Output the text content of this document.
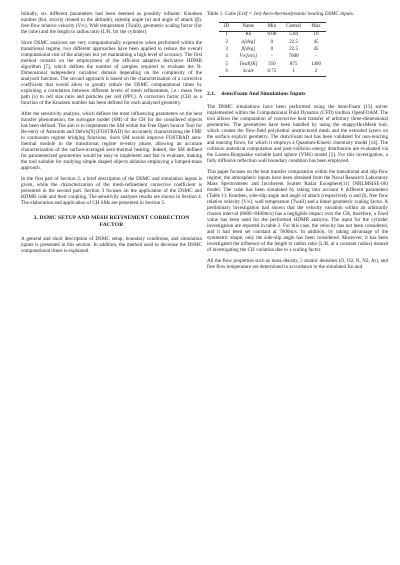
Initially, six different parameters had been deemed as possibly influent: Knudsen number (Kn, strictly related to the altitude), sideslip angle (α) and angle of attack (β), free-flow relative velocity (V∞), Wall temperature (Twall), geometric scaling factor (for the cube) and the length to radius ratio (L/R, for the cylinder).

Since DSMC analyses are very computationally expensive when performed within the transitional regime, two different approaches have been applied to reduce the overall computational cost of the analyses but yet maintaining a high level of accuracy. The first method consists on the employment of the efficient adaptive derivative HDMR algorithm [7], which defines the number of samples required to evaluate the N-Dimensional independent variables' domain depending on the complexity of the analyzed function. The second approach is based on the characterization of a corrective coefficient that would allow to greatly reduce the DSMC computational times by exploiting a correlation between different levels of mesh refinements, i.e.: mean free path (λ) to cell size ratio and particles per cell (PPC). A correction factor (CH) as a function of the Knudsen number has been defined for each analyzed geometry.

After the sensitivity analysis, which defines the most influencing parameters on the heat transfer phenomenon, the surrogate model (SM) of the CH for the considered objects has been defined. The aim is to implement the SM within the Free Open Source Tool for Re-entry of Asteroids and Debris[9] (FOSTRAD) for accurately characterizing the FMF to continuum regime bridging functions. Such SM would improve FOSTRAD aero-thermal module in the transitional regime re-entry phase, allowing an accurate characterization of the surface-averaged aero-thermal heating. Indeed, the SM defined for parameterized geometries would be easy to implement and fast to evaluate, making the tool suitable for studying simple shaped objects ablation employing a lumped-mass approach.

In the first part of Section 2, a brief description of the DSMC and simulation inputs is given, while the characterization of the mesh-refinement corrective coefficient is presented in the second part. Section 3 focuses on the application of the DSMC and HDMR code and their coupling. The sensitivity analyses results are shown in Section 4. The elaboration and application of CH SMs are presented in Section 5.

2. DSMC SETUP AND MESH REFINEMENT CORRECTION FACTOR

A general and short description of DSMC setup, boundary conditions, and simulation inputs is presented in this section. In addition, the method used to decrease the DSMC computational times is explained.

Table 1. Cube (Lref = 1m) Aero-thermodynamic heating DSMC inputs.
ID	Name	Min	Central	Max
1	Kn	0.08	5.04	10
2	α[deg]	0	22.5	45
3	β[deg]	0	22.5	45
4	V∞[m/s]	-	7600	-
5	Twall[K]	350	875	1400
6	Scale	0.75	1	2
2.1. dsmcFoam And Simulations Inputs

The DSMC simulations have been performed using the dsmcFoam [13] solver implemented within the Computational Fluid Dynamic (CFD) toolbox OpenFOAM. The tool allows the computation of convective heat transfer of arbitrary three-dimensional geometries. The geometries have been handled by using the snappyHexMesh tool, which creates the flow-field polyhedral unstructured mesh and the extruded layers on the surface explicit geometry. The dsmcFoam tool has been validated for non-reacting and reacting flows, for which it employs a Quantum-Kinetic chemistry model [14]. The collision statistical computation and post-collision energy distribution are evaluated via the Larsen-Borgnakke variable hard sphere (VHS) model [2]. For this investigation, a fully diffusive reflection wall boundary condition has been employed.

This paper focuses on the heat transfer computation within the transitional and slip-flow regime; the atmospheric inputs have been obtained from the Naval Research Laboratory Mass Spectrometer and Incoherent Scatter Radar Exosphere[11] (NRLMSISE-00) model. The cube has been simulated by taking into account 6 different parameters (Table 1): Knudsen, side-slip angle and angle of attack (respectively α and β), free flow relative velocity (V∞), wall temperature (Twall) and a linear geometric scaling factor. A preliminary investigation had shown that the velocity variation within an arbitrarily chosen interval (6800÷8400m/s) has a negligible impact over the CH, therefore, a fixed value has been used for the performed HDMR analysis. The input for the cylinder investigation are reported in table 2. For this case, the velocity has not been considered, and it had been set constant at 7600m/s. In addition, by taking advantage of the symmetric shape, only the side-slip angle has been considered. Moreover, it has been investigated the influence of the length to radius ratio (L/R, at a constant radius) instead of investigating the CH variation due to a scaling factor.

All the flow properties such as mass density, 5 atomic densities (O, O2, N, N2, Ar), and free flow temperature are determined in accordance to the simulated Kn and
